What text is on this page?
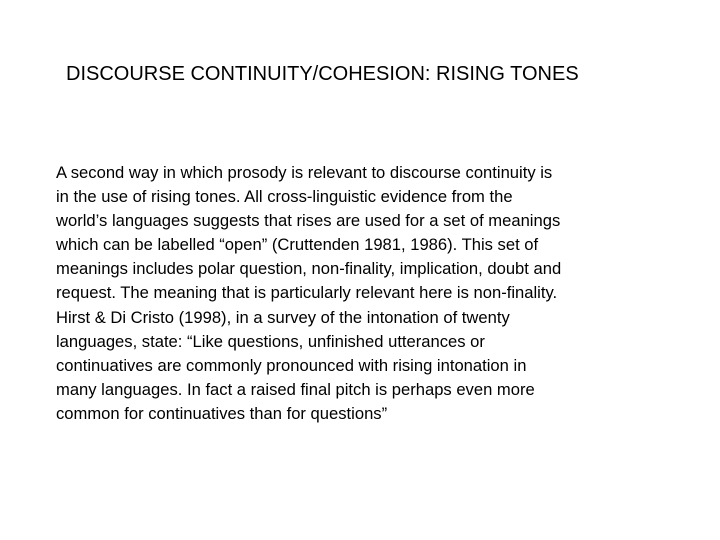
DISCOURSE CONTINUITY/COHESION: RISING TONES
A second way in which prosody is relevant to discourse continuity is
in the use of rising tones. All cross-linguistic evidence from the
world’s languages suggests that rises are used for a set of meanings
which can be labelled “open” (Cruttenden 1981, 1986). This set of
meanings includes polar question, non-finality, implication, doubt and
request. The meaning that is particularly relevant here is non-finality.
Hirst & Di Cristo (1998), in a survey of the intonation of twenty
languages, state: “Like questions, unfinished utterances or
continuatives are commonly pronounced with rising intonation in
many languages. In fact a raised final pitch is perhaps even more
common for continuatives than for questions”
